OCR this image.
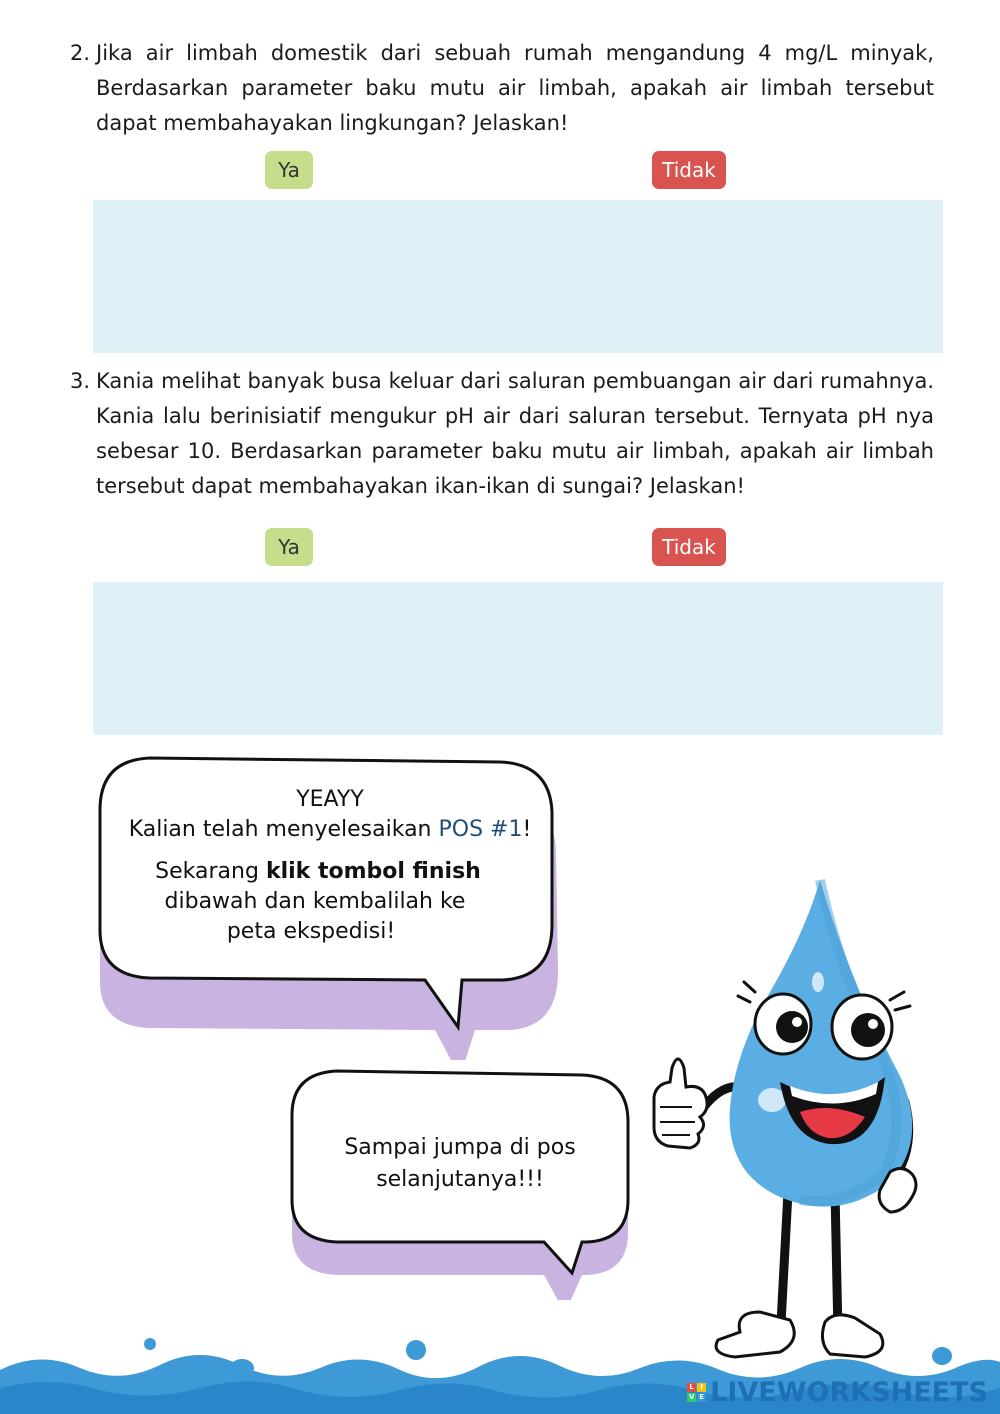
2. Jika air limbah domestik dari sebuah rumah mengandung 4 mg/L minyak, Berdasarkan parameter baku mutu air limbah, apakah air limbah tersebut dapat membahayakan lingkungan? Jelaskan!
Ya	Tidak
3. Kania melihat banyak busa keluar dari saluran pembuangan air dari rumahnya. Kania lalu berinisiatif mengukur pH air dari saluran tersebut. Ternyata pH nya sebesar 10. Berdasarkan parameter baku mutu air limbah, apakah air limbah tersebut dapat membahayakan ikan-ikan di sungai? Jelaskan!
Ya	Tidak
YEAYY
Kalian telah menyelesaikan POS #1!
Sekarang klik tombol finish
dibawah dan kembalilah ke
peta ekspedisi!
Sampai jumpa di pos
selanjutanya!!!
L I
V E LIVEWORKSHEETS
